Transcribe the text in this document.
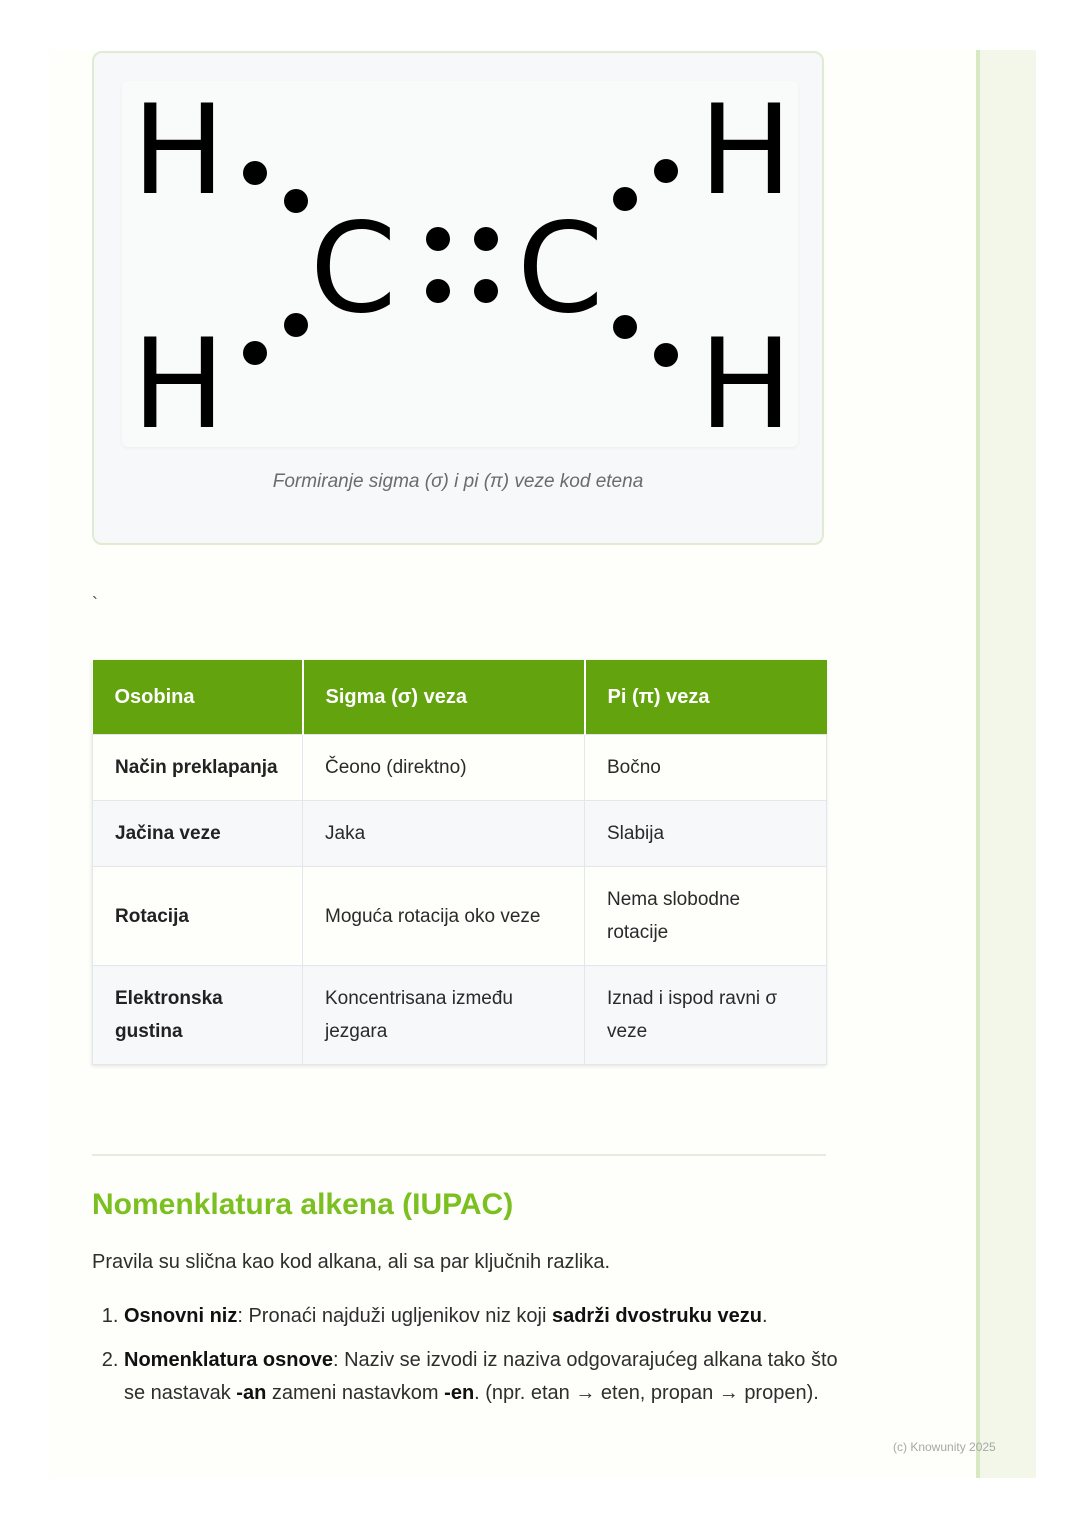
H
H
H
H
C C
Formiranje sigma (σ) i pi (π) veze kod etena
`
Osobina	Sigma (σ) veza	Pi (π) veza
Način preklapanja	Čeono (direktno)	Bočno
Jačina veze	Jaka	Slabija
Rotacija	Moguća rotacija oko veze	Nema slobodne rotacije
Elektronska gustina	Koncentrisana između jezgara	Iznad i ispod ravni σ veze
Nomenklatura alkena (IUPAC)

Pravila su slična kao kod alkana, ali sa par ključnih razlika.

1. Osnovni niz: Pronaći najduži ugljenikov niz koji sadrži dvostruku vezu.
2. Nomenklatura osnove: Naziv se izvodi iz naziva odgovarajućeg alkana tako što se nastavak -an zameni nastavkom -en. (npr. etan → eten, propan → propen).
(c) Knowunity 2025
